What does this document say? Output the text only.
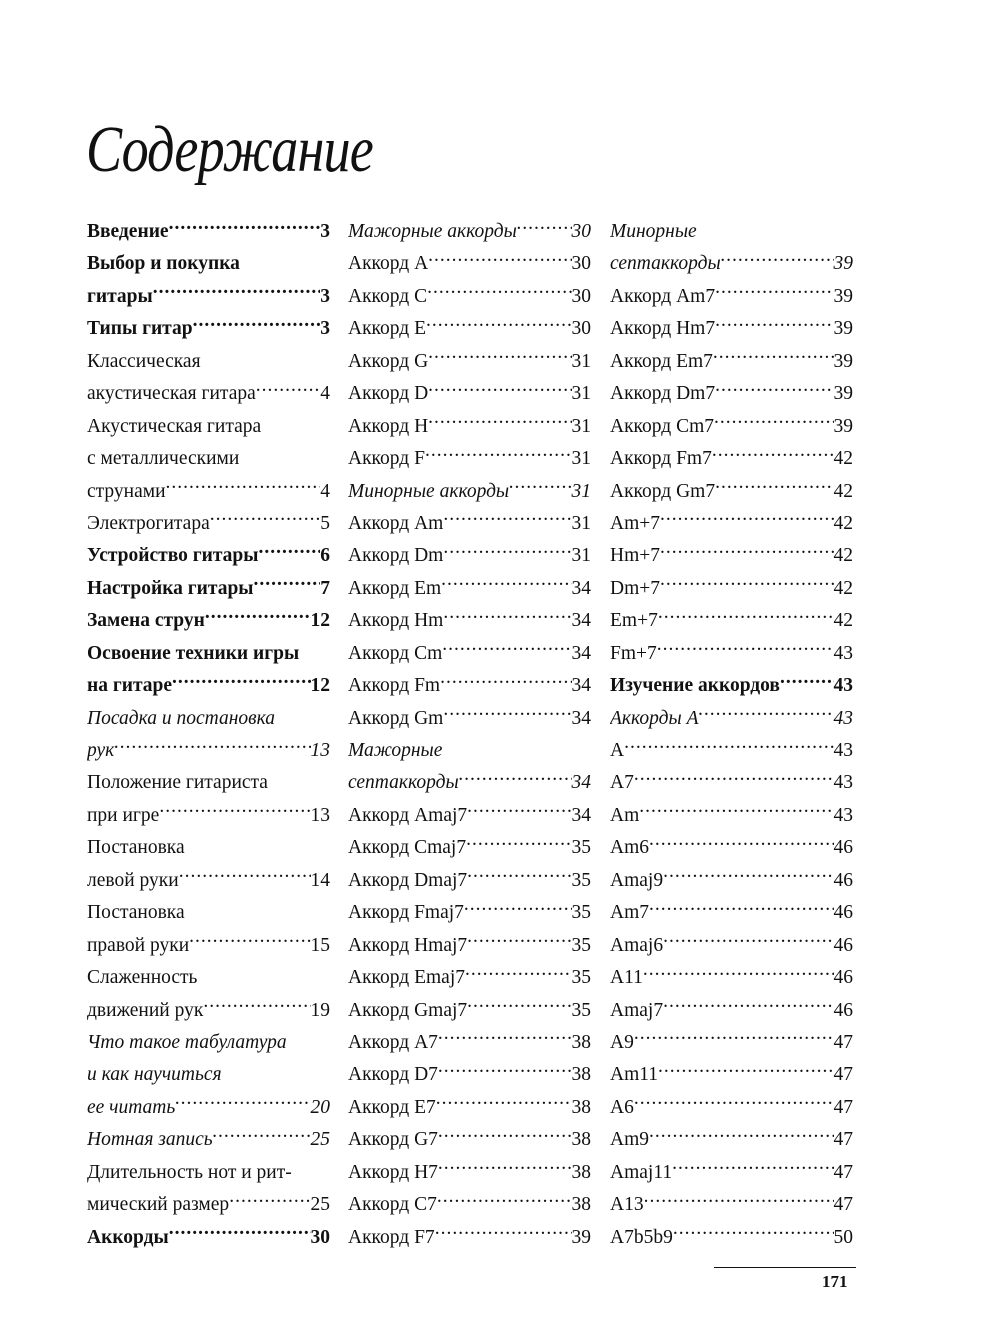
Содержание
Введение .....	3
Выбор и покупка
гитары .....	3
Типы гитар .....	3
Классическая
акустическая гитара .....	4
Акустическая гитара
с металлическими
струнами .....	4
Электрогитара .....	5
Устройство гитары .....	6
Настройка гитары .....	7
Замена струн .....	12
Освоение техники игры
на гитаре .....	12
Посадка и постановка
рук .....	13
Положение гитариста
при игре .....	13
Постановка
левой руки .....	14
Постановка
правой руки .....	15
Слаженность
движений рук .....	19
Что такое табулатура
и как научиться
ее читать .....	20
Нотная запись .....	25
Длительность нот и рит-
мический размер .....	25
Аккорды .....	30
Мажорные аккорды .....	30
Аккорд A .....	30
Аккорд C .....	30
Аккорд E .....	30
Аккорд G .....	31
Аккорд D .....	31
Аккорд H .....	31
Аккорд F .....	31
Минорные аккорды .....	31
Аккорд Am .....	31
Аккорд Dm .....	31
Аккорд Em .....	34
Аккорд Hm .....	34
Аккорд Cm .....	34
Аккорд Fm .....	34
Аккорд Gm .....	34
Мажорные
септаккорды .....	34
Аккорд Amaj7 .....	34
Аккорд Cmaj7 .....	35
Аккорд Dmaj7 .....	35
Аккорд Fmaj7 .....	35
Аккорд Hmaj7 .....	35
Аккорд Emaj7 .....	35
Аккорд Gmaj7 .....	35
Аккорд A7 .....	38
Аккорд D7 .....	38
Аккорд E7 .....	38
Аккорд G7 .....	38
Аккорд H7 .....	38
Аккорд C7 .....	38
Аккорд F7 .....	39
Минорные
септаккорды .....	39
Аккорд Am7 .....	39
Аккорд Hm7 .....	39
Аккорд Em7 .....	39
Аккорд Dm7 .....	39
Аккорд Cm7 .....	39
Аккорд Fm7 .....	42
Аккорд Gm7 .....	42
Am+7 .....	42
Hm+7 .....	42
Dm+7 .....	42
Em+7 .....	42
Fm+7 .....	43
Изучение аккордов .....	43
Аккорды A .....	43
A .....	43
A7 .....	43
Am .....	43
Am6 .....	46
Amaj9 .....	46
Am7 .....	46
Amaj6 .....	46
A11 .....	46
Amaj7 .....	46
A9 .....	47
Am11 .....	47
A6 .....	47
Am9 .....	47
Amaj11 .....	47
A13 .....	47
A7b5b9 .....	50
171
